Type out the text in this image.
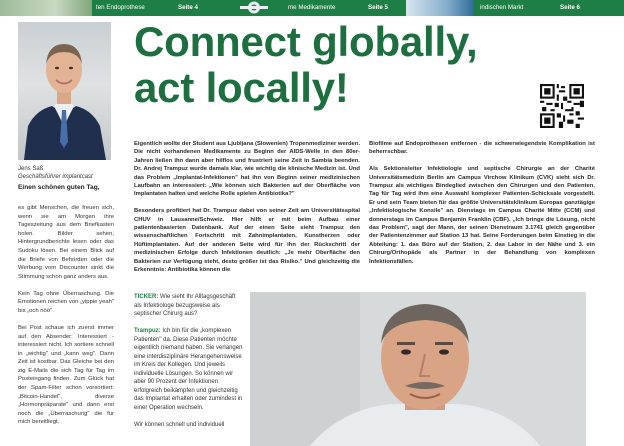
ten Endoprothese	Seite 4	me Medikamente	Seite 5	indischen Markt	Seite 6
Jens Saß
Geschäftsführer implantcast
Einen schönen guten Tag,

es gibt Menschen, die freuen sich, wenn sie am Morgen ihre Tageszeitung aus dem Briefkasten holen. Bilder sehen, Hintergrundberichte lesen oder das Sudoku lösen. Bei einem Blick auf die Briefe von Behörden oder die Werbung vom Discounter sinkt die Stimmung schon ganz anders aus.

Kein Tag ohne Überraschung. Die Emotionen reichen von „yippie yeah" bis „och nöö".

Bei Post schaue ich zuerst immer auf den Absender: Interessiert - interessiert nicht. Ich sortiere schnell in „wichtig" und „kann weg". Dann Zeit ist kostbar. Das Gleiche bei den zig E-Mails die sich Tag für Tag im Posteingang finden. Zum Glück hat der Spam-Filter schon vorsortiert: „Bitcoin-Handel", diverse „Hormonpräparate" und dann erst noch die „Überraschung" die für mich bereitliegt.

Connect globally,
act locally!

Eigentlich wollte der Student aus Ljubljana (Slowenien) Tropenmediziner werden. Die nicht vorhandenen Medikamente zu Beginn der AIDS-Welle in den 80er-Jahren ließen ihn dann aber hilflos und frustriert seine Zeit in Sambia beenden. Dr. Andrej Trampuz wurde damals klar, wie wichtig die klinische Medizin ist. Und das Problem „Implantat-Infektionen" hat ihn von Beginn seiner medizinischen Laufbahn an interessiert: „Wie können sich Bakterien auf der Oberfläche von Implantaten halten und welche Rolle spielen Antibiotika?"

Besonders profitiert hat Dr. Trampuz dabei von seiner Zeit am Universitätsspital CHUV in Lausanne/Schweiz. Hier hilft er mit beim Aufbau einer patientenbasierten Datenbank. Auf der einen Seite sieht Trampuz den wissenschaftlichen Fortschritt mit Zahnimplantaten, Kunstherzen oder Hüftimplantaten. Auf der anderen Seite wird für ihn der Rückschritt der medizinischen Erfolge durch Infektionen deutlich: „Je mehr Oberfläche den Bakterien zur Verfügung steht, desto größer ist das Risiko." Und gleichzeitig die Erkenntnis: Antibiotika können die

Biofilme auf Endoprothesen entfernen - die schwerwiegendste Komplikation ist beherrschbar.

Als Sektionsleiter Infektiologie und septische Chirurgie an der Charité Universitätsmedizin Berlin am Campus Virchow Klinikum (CVK) sieht sich Dr. Trampuz als wichtiges Bindeglied zwischen den Chirurgen und den Patienten. Tag für Tag wird ihm eine Auswahl komplexer Patienten-Schicksale vorgestellt. Er und sein Team bieten für das größte Universitätsklinikum Europas ganztägige „Infektiologische Konsile" an. Dienstags im Campus Charité Mitte (CCM) und donnerstags im Campus Benjamin Franklin (CBF). „Ich bringe die Lösung, nicht das Problem", sagt der Mann, der seinen Dienstraum 3.1741 gleich gegenüber der Patientenzimmer auf Station 13 hat. Seine Forderungen beim Einstieg in die Abteilung: 1. das Büro auf der Station, 2. das Labor in der Nähe und 3. ein Chirurg/Orthopäde als Partner in der Behandlung von komplexen Infektionsfällen.

TICKER: Wie sieht Ihr Alltagsgeschäft als Infektiologe bezugsweise als septischer Chirurg aus?

Trampuz: Ich bin für die „komplexen Patienten" da. Diese Patienten möchte eigentlich niemand haben. Sie verlangen eine interdisziplinäre Herangehensweise im Kreis der Kollegen. Und jeweils individuelle Lösungen. So können wir aber 90 Prozent der Infektionen erfolgreich beikämpfen und gleichzeitig das Implantat erhalten oder zumindest in einer Operation wechseln.

Wir können schnell und individuell
